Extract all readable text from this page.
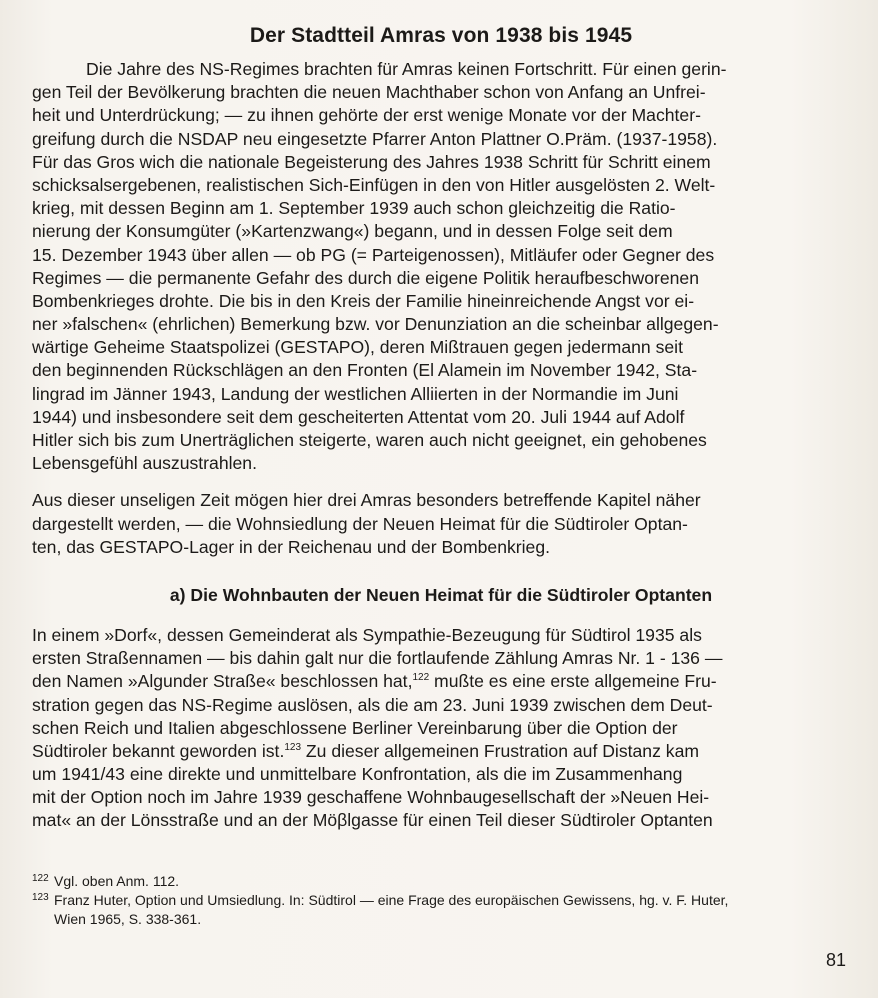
Der Stadtteil Amras von 1938 bis 1945
Die Jahre des NS-Regimes brachten für Amras keinen Fortschritt. Für einen gerin-
gen Teil der Bevölkerung brachten die neuen Machthaber schon von Anfang an Unfrei-
heit und Unterdrückung; — zu ihnen gehörte der erst wenige Monate vor der Machter-
greifung durch die NSDAP neu eingesetzte Pfarrer Anton Plattner O.Präm. (1937-1958).
Für das Gros wich die nationale Begeisterung des Jahres 1938 Schritt für Schritt einem
schicksalsergebenen, realistischen Sich-Einfügen in den von Hitler ausgelösten 2. Welt-
krieg, mit dessen Beginn am 1. September 1939 auch schon gleichzeitig die Ratio-
nierung der Konsumgüter (»Kartenzwang«) begann, und in dessen Folge seit dem
15. Dezember 1943 über allen — ob PG (= Parteigenossen), Mitläufer oder Gegner des
Regimes — die permanente Gefahr des durch die eigene Politik heraufbeschworenen
Bombenkrieges drohte. Die bis in den Kreis der Familie hineinreichende Angst vor ei-
ner »falschen« (ehrlichen) Bemerkung bzw. vor Denunziation an die scheinbar allgegen-
wärtige Geheime Staatspolizei (GESTAPO), deren Mißtrauen gegen jedermann seit
den beginnenden Rückschlägen an den Fronten (El Alamein im November 1942, Sta-
lingrad im Jänner 1943, Landung der westlichen Alliierten in der Normandie im Juni
1944) und insbesondere seit dem gescheiterten Attentat vom 20. Juli 1944 auf Adolf
Hitler sich bis zum Unerträglichen steigerte, waren auch nicht geeignet, ein gehobenes
Lebensgefühl auszustrahlen.
Aus dieser unseligen Zeit mögen hier drei Amras besonders betreffende Kapitel näher
dargestellt werden, — die Wohnsiedlung der Neuen Heimat für die Südtiroler Optan-
ten, das GESTAPO-Lager in der Reichenau und der Bombenkrieg.
a) Die Wohnbauten der Neuen Heimat für die Südtiroler Optanten
In einem »Dorf«, dessen Gemeinderat als Sympathie-Bezeugung für Südtirol 1935 als
ersten Straßennamen — bis dahin galt nur die fortlaufende Zählung Amras Nr. 1 - 136 —
den Namen »Algunder Straße« beschlossen hat,$^{122}$ mußte es eine erste allgemeine Fru-
stration gegen das NS-Regime auslösen, als die am 23. Juni 1939 zwischen dem Deut-
schen Reich und Italien abgeschlossene Berliner Vereinbarung über die Option der
Südtiroler bekannt geworden ist.$^{123}$ Zu dieser allgemeinen Frustration auf Distanz kam
um 1941/43 eine direkte und unmittelbare Konfrontation, als die im Zusammenhang
mit der Option noch im Jahre 1939 geschaffene Wohnbaugesellschaft der »Neuen Hei-
mat« an der Lönsstraße und an der Möβlgasse für einen Teil dieser Südtiroler Optanten
122 Vgl. oben Anm. 112.
123 Franz Huter, Option und Umsiedlung. In: Südtirol — eine Frage des europäischen Gewissens, hg. v. F. Huter,
Wien 1965, S. 338-361.
81
